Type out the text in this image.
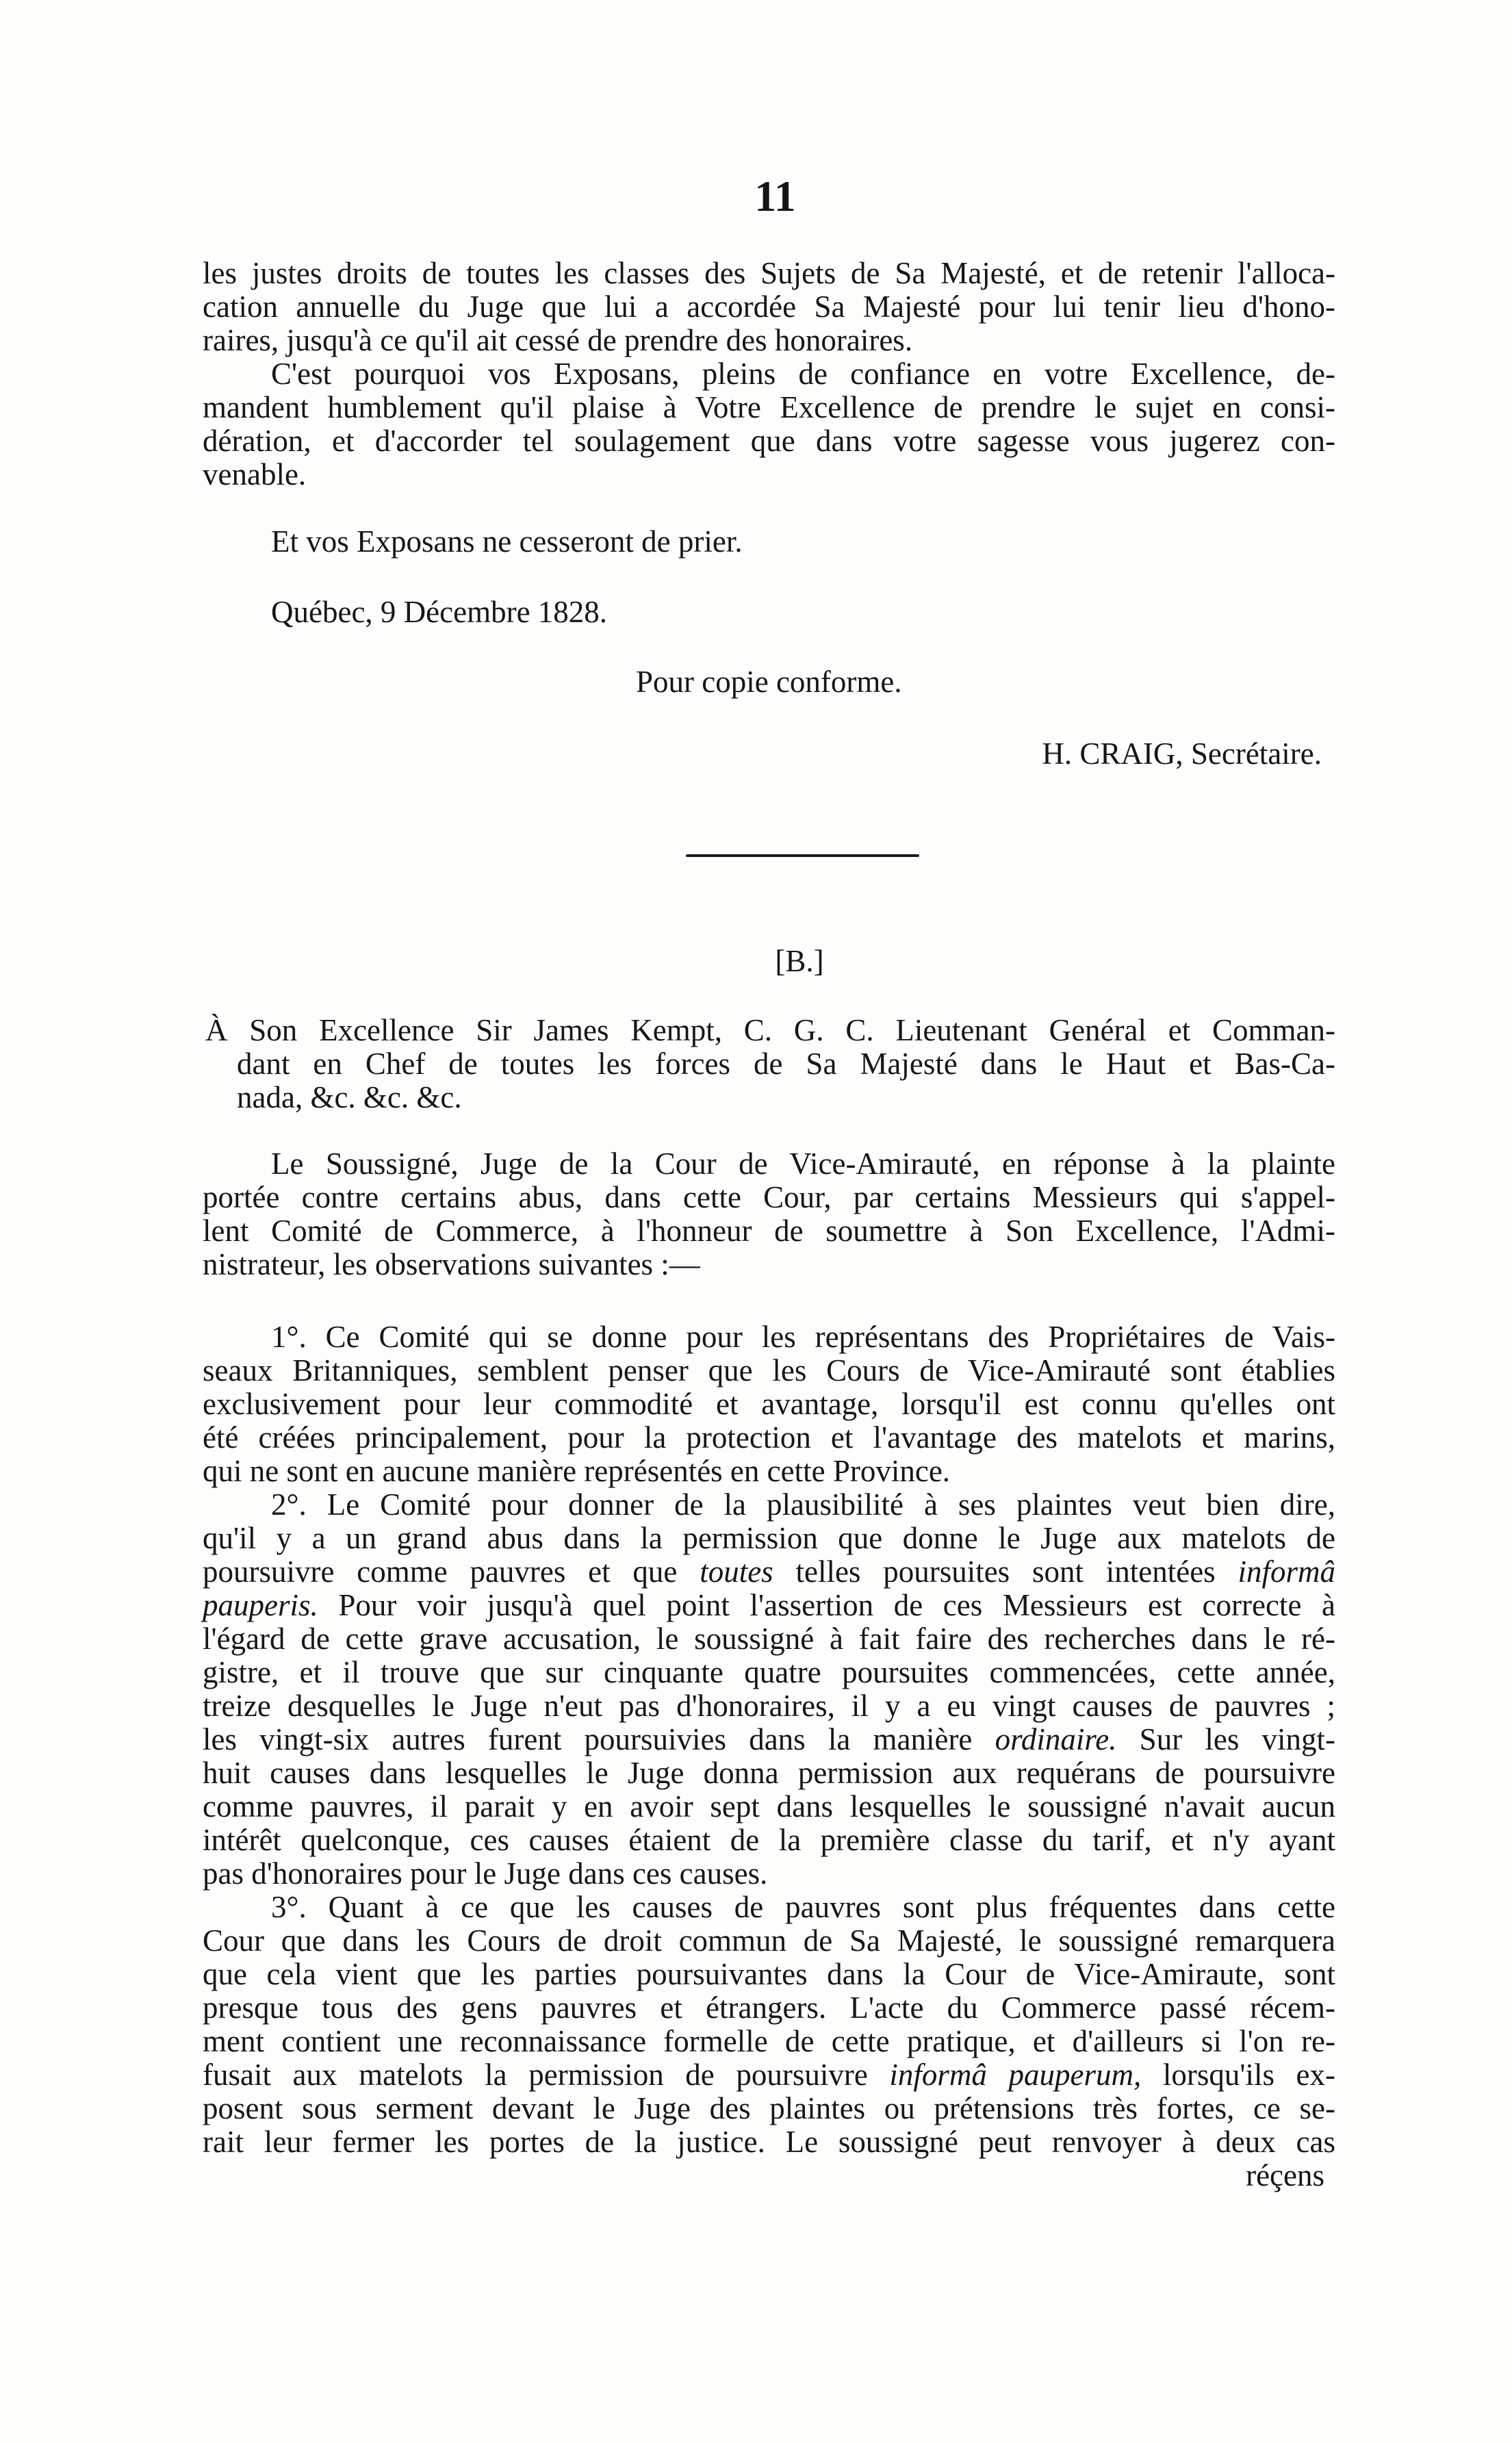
11
les justes droits de toutes les classes des Sujets de Sa Majesté, et de retenir l'alloca-
cation annuelle du Juge que lui a accordée Sa Majesté pour lui tenir lieu d'hono-
raires, jusqu'à ce qu'il ait cessé de prendre des honoraires.
C'est pourquoi vos Exposans, pleins de confiance en votre Excellence, de-
mandent humblement qu'il plaise à Votre Excellence de prendre le sujet en consi-
dération, et d'accorder tel soulagement que dans votre sagesse vous jugerez con-
venable.
Et vos Exposans ne cesseront de prier.
Québec, 9 Décembre 1828.
Pour copie conforme.
H. CRAIG, Secrétaire.
[B.]
À Son Excellence Sir James Kempt, C. G. C. Lieutenant Genéral et Comman-
dant en Chef de toutes les forces de Sa Majesté dans le Haut et Bas-Ca-
nada, &c. &c. &c.
Le Soussigné, Juge de la Cour de Vice-Amirauté, en réponse à la plainte
portée contre certains abus, dans cette Cour, par certains Messieurs qui s'appel-
lent Comité de Commerce, à l'honneur de soumettre à Son Excellence, l'Admi-
nistrateur, les observations suivantes :—
1°. Ce Comité qui se donne pour les représentans des Propriétaires de Vais-
seaux Britanniques, semblent penser que les Cours de Vice-Amirauté sont établies
exclusivement pour leur commodité et avantage, lorsqu'il est connu qu'elles ont
été créées principalement, pour la protection et l'avantage des matelots et marins,
qui ne sont en aucune manière représentés en cette Province.
2°. Le Comité pour donner de la plausibilité à ses plaintes veut bien dire,
qu'il y a un grand abus dans la permission que donne le Juge aux matelots de
poursuivre comme pauvres et que toutes telles poursuites sont intentées informâ
pauperis. Pour voir jusqu'à quel point l'assertion de ces Messieurs est correcte à
l'égard de cette grave accusation, le soussigné à fait faire des recherches dans le ré-
gistre, et il trouve que sur cinquante quatre poursuites commencées, cette année,
treize desquelles le Juge n'eut pas d'honoraires, il y a eu vingt causes de pauvres ;
les vingt-six autres furent poursuivies dans la manière ordinaire. Sur les vingt-
huit causes dans lesquelles le Juge donna permission aux requérans de poursuivre
comme pauvres, il parait y en avoir sept dans lesquelles le soussigné n'avait aucun
intérêt quelconque, ces causes étaient de la première classe du tarif, et n'y ayant
pas d'honoraires pour le Juge dans ces causes.
3°. Quant à ce que les causes de pauvres sont plus fréquentes dans cette
Cour que dans les Cours de droit commun de Sa Majesté, le soussigné remarquera
que cela vient que les parties poursuivantes dans la Cour de Vice-Amiraute, sont
presque tous des gens pauvres et étrangers. L'acte du Commerce passé récem-
ment contient une reconnaissance formelle de cette pratique, et d'ailleurs si l'on re-
fusait aux matelots la permission de poursuivre informâ pauperum, lorsqu'ils ex-
posent sous serment devant le Juge des plaintes ou prétensions très fortes, ce se-
rait leur fermer les portes de la justice. Le soussigné peut renvoyer à deux cas
réçens
